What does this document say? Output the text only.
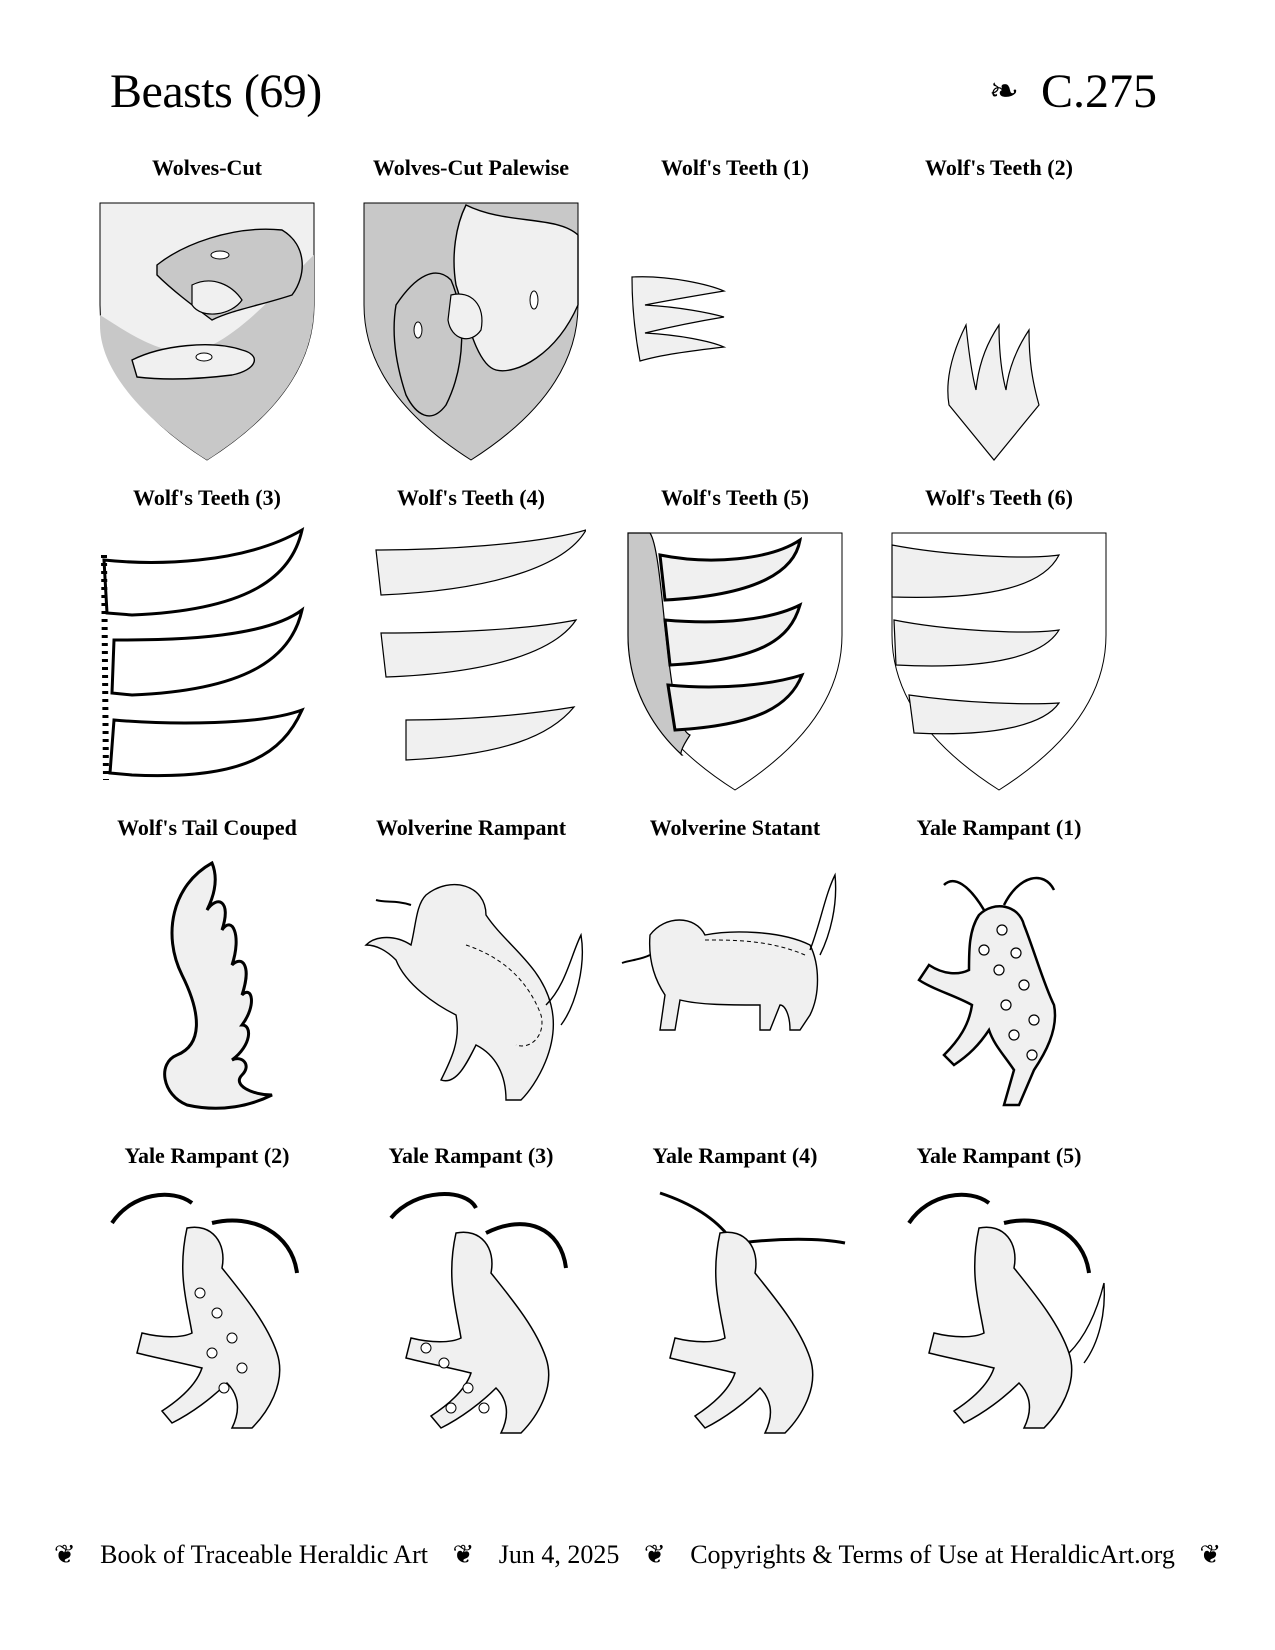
Beasts (69)	❧ C.275
Wolves-Cut	Wolves-Cut Palewise	Wolf's Teeth (1)	Wolf's Teeth (2)
Wolf's Teeth (3)	Wolf's Teeth (4)	Wolf's Teeth (5)	Wolf's Teeth (6)
Wolf's Tail Couped	Wolverine Rampant	Wolverine Statant	Yale Rampant (1)
Yale Rampant (2)	Yale Rampant (3)	Yale Rampant (4)	Yale Rampant (5)
❦ Book of Traceable Heraldic Art ❦ Jun 4, 2025 ❦ Copyrights & Terms of Use at HeraldicArt.org ❦
